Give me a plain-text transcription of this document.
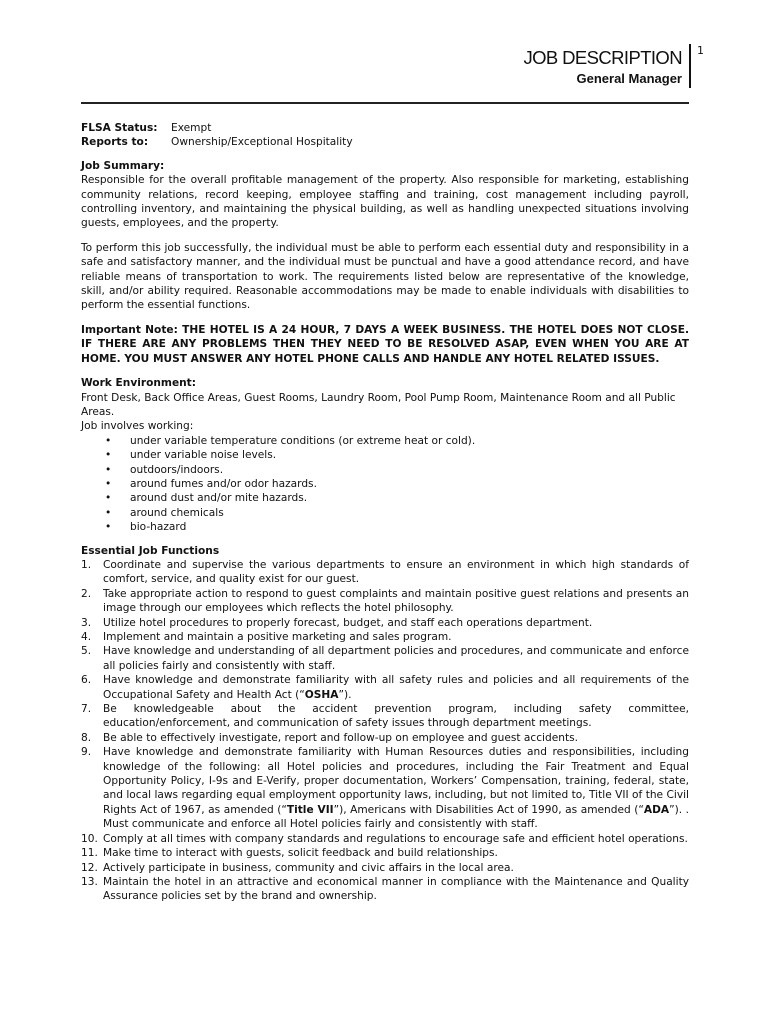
JOB DESCRIPTION
General Manager
1
FLSA Status:	Exempt
Reports to:	Ownership/Exceptional Hospitality
Job Summary:
Responsible for the overall profitable management of the property. Also responsible for marketing, establishing community relations, record keeping, employee staffing and training, cost management including payroll, controlling inventory, and maintaining the physical building, as well as handling unexpected situations involving guests, employees, and the property.
To perform this job successfully, the individual must be able to perform each essential duty and responsibility in a safe and satisfactory manner, and the individual must be punctual and have a good attendance record, and have reliable means of transportation to work. The requirements listed below are representative of the knowledge, skill, and/or ability required. Reasonable accommodations may be made to enable individuals with disabilities to perform the essential functions.
Important Note: THE HOTEL IS A 24 HOUR, 7 DAYS A WEEK BUSINESS. THE HOTEL DOES NOT CLOSE. IF THERE ARE ANY PROBLEMS THEN THEY NEED TO BE RESOLVED ASAP, EVEN WHEN YOU ARE AT HOME. YOU MUST ANSWER ANY HOTEL PHONE CALLS AND HANDLE ANY HOTEL RELATED ISSUES.
Work Environment:
Front Desk, Back Office Areas, Guest Rooms, Laundry Room, Pool Pump Room, Maintenance Room and all Public Areas.
Job involves working:
• under variable temperature conditions (or extreme heat or cold).
• under variable noise levels.
• outdoors/indoors.
• around fumes and/or odor hazards.
• around dust and/or mite hazards.
• around chemicals
• bio-hazard
Essential Job Functions
1.	Coordinate and supervise the various departments to ensure an environment in which high standards of comfort, service, and quality exist for our guest.
2.	Take appropriate action to respond to guest complaints and maintain positive guest relations and presents an image through our employees which reflects the hotel philosophy.
3.	Utilize hotel procedures to properly forecast, budget, and staff each operations department.
4.	Implement and maintain a positive marketing and sales program.
5.	Have knowledge and understanding of all department policies and procedures, and communicate and enforce all policies fairly and consistently with staff.
6.	Have knowledge and demonstrate familiarity with all safety rules and policies and all requirements of the Occupational Safety and Health Act (“OSHA”).
7.	Be knowledgeable about the accident prevention program, including safety committee, education/enforcement, and communication of safety issues through department meetings.
8.	Be able to effectively investigate, report and follow-up on employee and guest accidents.
9.	Have knowledge and demonstrate familiarity with Human Resources duties and responsibilities, including knowledge of the following: all Hotel policies and procedures, including the Fair Treatment and Equal Opportunity Policy, I-9s and E-Verify, proper documentation, Workers’ Compensation, training, federal, state, and local laws regarding equal employment opportunity laws, including, but not limited to, Title VII of the Civil Rights Act of 1967, as amended (“Title VII”), Americans with Disabilities Act of 1990, as amended (“ADA”). . Must communicate and enforce all Hotel policies fairly and consistently with staff.
10. Comply at all times with company standards and regulations to encourage safe and efficient hotel operations.
11. Make time to interact with guests, solicit feedback and build relationships.
12. Actively participate in business, community and civic affairs in the local area.
13. Maintain the hotel in an attractive and economical manner in compliance with the Maintenance and Quality Assurance policies set by the brand and ownership.
